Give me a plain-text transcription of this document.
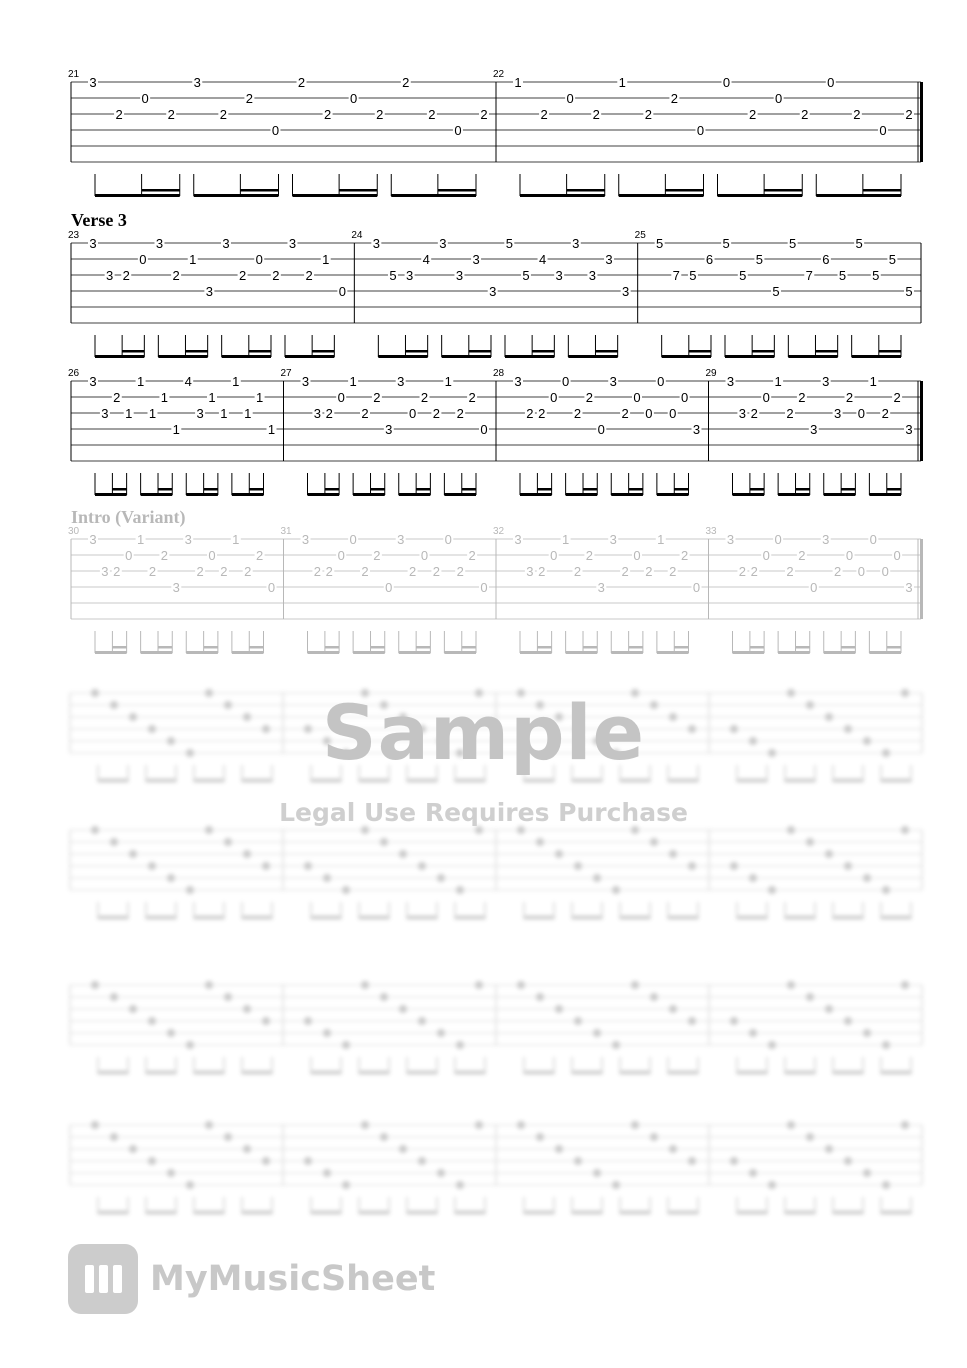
21
3
2
0
2
3
2
2
0
2
2
0
2
2
2
0
2
22
1
2
0
2
1
2
2
0
0
2
0
2
0
2
0
2
Verse 3
23
3
3 2
0
3
2
1
3
3
2
0
2
3
2
1
0
24
3
5 3
4
3
3
3
3
5
5
4
3
3
3
3
3
25
5
7 5
6
5
5
5
5
5
7
6
5
5
5
5
5
26
3
3
2
1
1
1
1
1
4
3
1
1
1
1
1
1
27
3
3 2
0
1
2
2
3
3
0
2
2
1
2
2
0
28
3
2 2
0
0
2
2
0
3
2
0
0
0
0
0
3
29
3
3 2
0
1
2
2
3
3
3
2
0
1
2
2
3
Intro (Variant)
30
3
3 2
0
1
2
2
3
3
2
0
2
1
2
2
0
31
3
2 2
0
0
2
2
0
3
2
0
2
0
2
2
0
32
3
3 2
0
1
2
2
3
3
2
0
2
1
2
2
0
33
3
2 2
0
0
2
2
0
3
2
0
0
0
0
0
3
Sample
Legal Use Requires Purchase
MyMusicSheet
